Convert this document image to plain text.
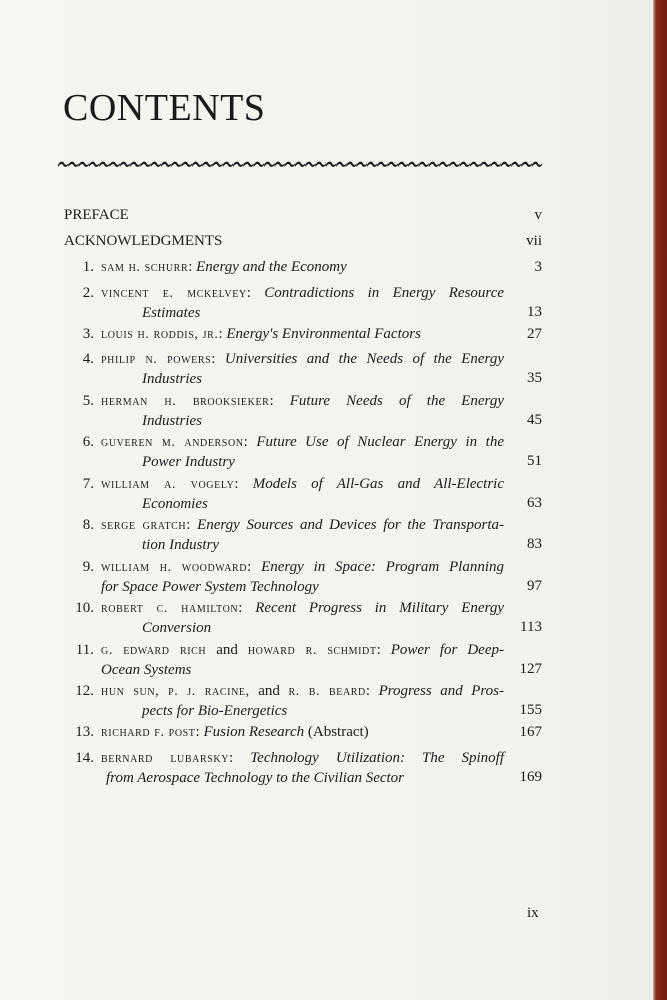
CONTENTS
PREFACE	v
ACKNOWLEDGMENTS	vii
1. sam h. schurr: Energy and the Economy	3
2. vincent e. mckelvey: Contradictions in Energy Resource
Estimates	13
3. louis h. roddis, jr.: Energy's Environmental Factors	27
4. philip n. powers: Universities and the Needs of the Energy
Industries	35
5. herman h. brooksieker: Future Needs of the Energy
Industries	45
6. guveren m. anderson: Future Use of Nuclear Energy in the
Power Industry	51
7. william a. vogely: Models of All-Gas and All-Electric
Economies	63
8. serge gratch: Energy Sources and Devices for the Transporta-
tion Industry	83
9. william h. woodward: Energy in Space: Program Planning
for Space Power System Technology	97
10. robert c. hamilton: Recent Progress in Military Energy
Conversion	113
11. g. edward rich and howard r. schmidt: Power for Deep-
Ocean Systems	127
12. hun sun, p. j. racine, and r. b. beard: Progress and Pros-
pects for Bio-Energetics	155
13. richard f. post: Fusion Research (Abstract)	167
14. bernard lubarsky: Technology Utilization: The Spinoff
from Aerospace Technology to the Civilian Sector	169
ix
